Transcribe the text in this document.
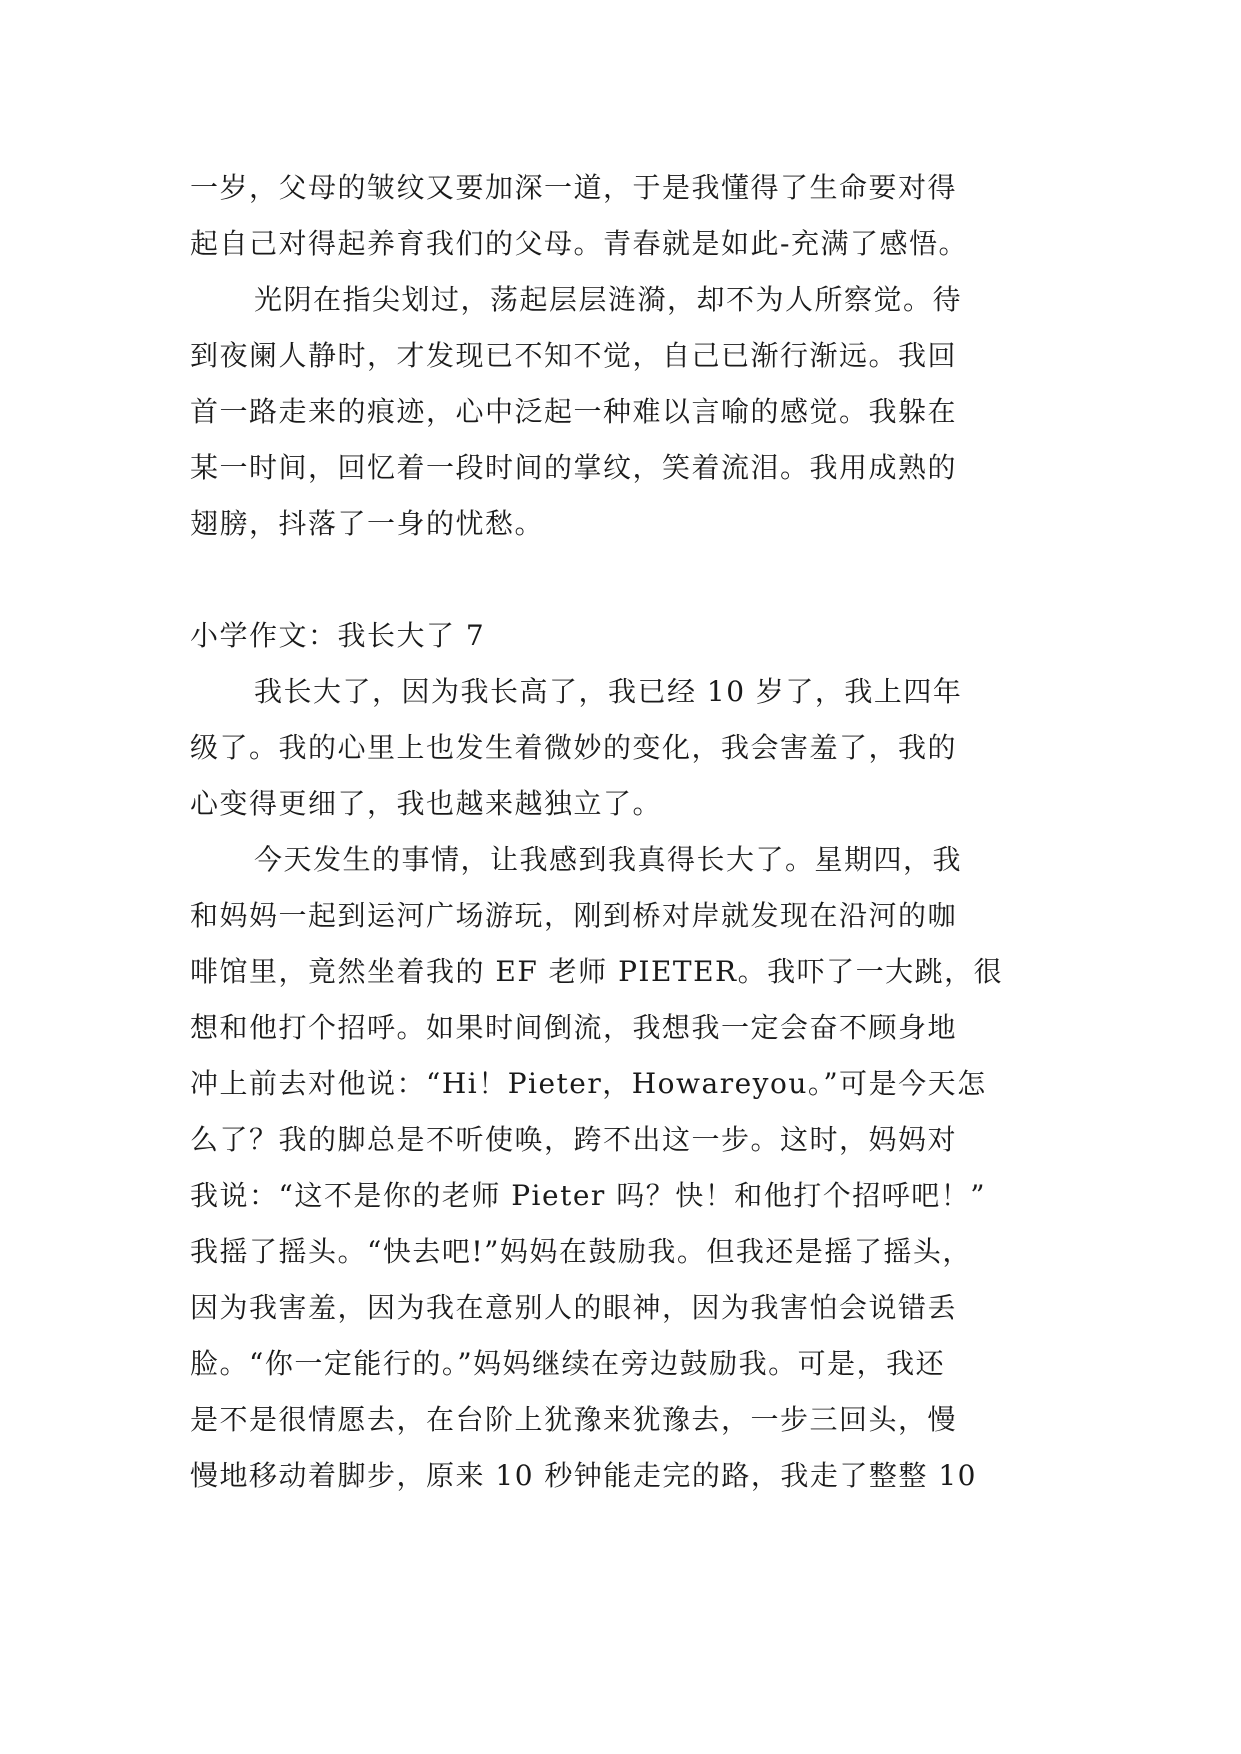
一岁，父母的皱纹又要加深一道，于是我懂得了生命要对得
起自己对得起养育我们的父母。青春就是如此-充满了感悟。
光阴在指尖划过，荡起层层涟漪，却不为人所察觉。待
到夜阑人静时，才发现已不知不觉，自己已渐行渐远。我回
首一路走来的痕迹，心中泛起一种难以言喻的感觉。我躲在
某一时间，回忆着一段时间的掌纹，笑着流泪。我用成熟的
翅膀，抖落了一身的忧愁。
小学作文：我长大了 7
我长大了，因为我长高了，我已经 10 岁了，我上四年
级了。我的心里上也发生着微妙的变化，我会害羞了，我的
心变得更细了，我也越来越独立了。
今天发生的事情，让我感到我真得长大了。星期四，我
和妈妈一起到运河广场游玩，刚到桥对岸就发现在沿河的咖
啡馆里，竟然坐着我的 EF 老师 PIETER。我吓了一大跳，很
想和他打个招呼。如果时间倒流，我想我一定会奋不顾身地
冲上前去对他说：“Hi！Pieter，Howareyou。”可是今天怎
么了？我的脚总是不听使唤，跨不出这一步。这时，妈妈对
我说：“这不是你的老师 Pieter 吗？快！和他打个招呼吧！”
我摇了摇头。“快去吧!”妈妈在鼓励我。但我还是摇了摇头，
因为我害羞，因为我在意别人的眼神，因为我害怕会说错丢
脸。“你一定能行的。”妈妈继续在旁边鼓励我。可是，我还
是不是很情愿去，在台阶上犹豫来犹豫去，一步三回头，慢
慢地移动着脚步，原来 10 秒钟能走完的路，我走了整整 10
